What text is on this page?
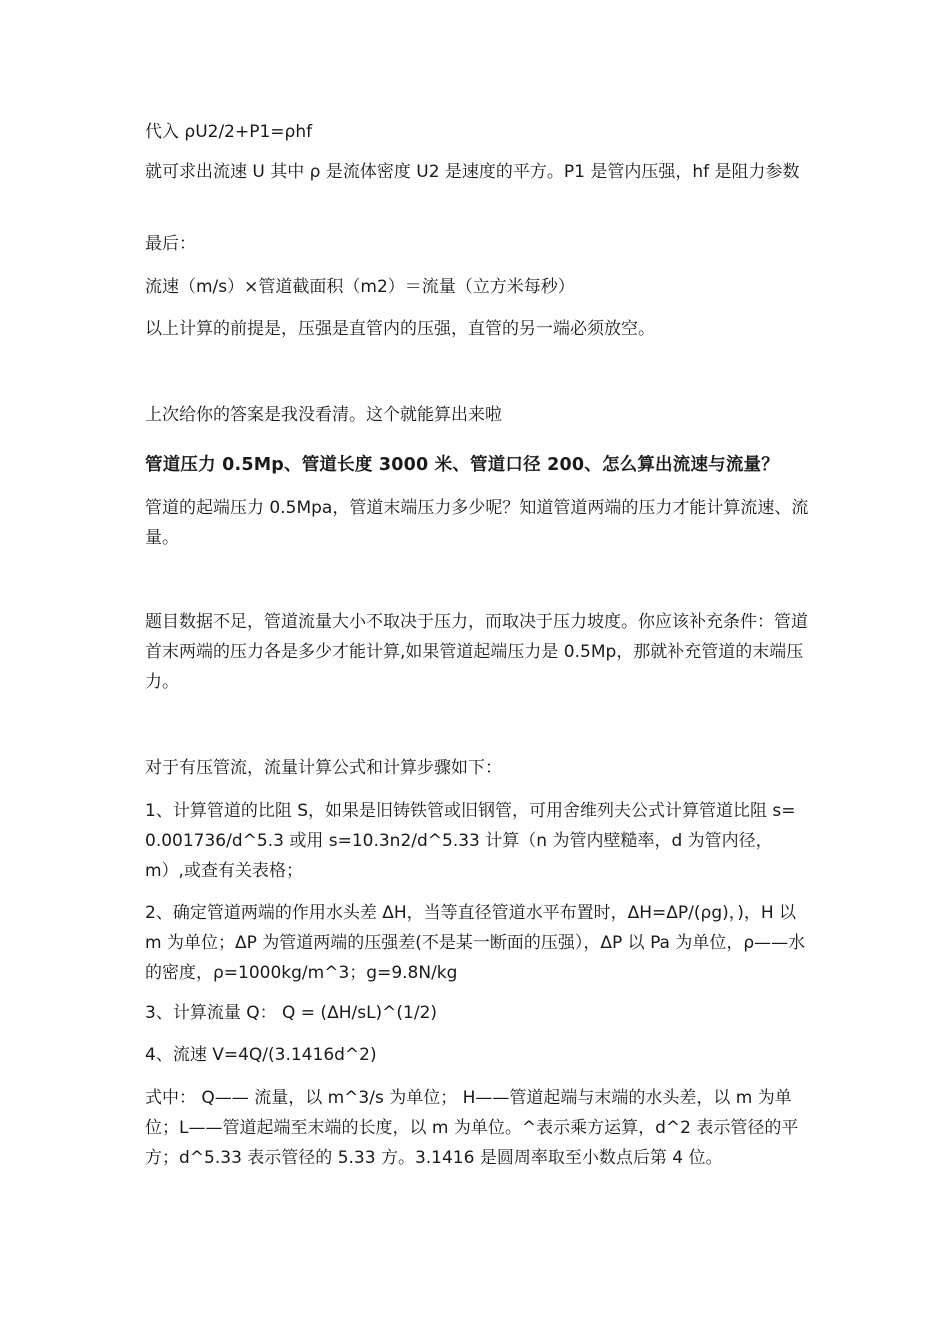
代入 ρU2/2+P1=ρhf

就可求出流速 U 其中 ρ 是流体密度 U2 是速度的平方。P1 是管内压强，hf 是阻力参数

最后：

流速（m/s）×管道截面积（m2）＝流量（立方米每秒）

以上计算的前提是，压强是直管内的压强，直管的另一端必须放空。

上次给你的答案是我没看清。这个就能算出来啦

管道压力 0.5Mp、管道长度 3000 米、管道口径 200、怎么算出流速与流量？

管道的起端压力 0.5Mpa，管道末端压力多少呢？知道管道两端的压力才能计算流速、流量。

题目数据不足，管道流量大小不取决于压力，而取决于压力坡度。你应该补充条件：管道首末两端的压力各是多少才能计算,如果管道起端压力是 0.5Mp，那就补充管道的末端压力。

对于有压管流，流量计算公式和计算步骤如下：

1、计算管道的比阻 S，如果是旧铸铁管或旧钢管，可用舍维列夫公式计算管道比阻 s=0.001736/d^5.3 或用 s=10.3n2/d^5.33 计算（n 为管内壁糙率，d 为管内径，m）,或查有关表格；

2、确定管道两端的作用水头差 ΔH，当等直径管道水平布置时，ΔH=ΔP/(ρg)，)，H 以 m 为单位；ΔP 为管道两端的压强差(不是某一断面的压强），ΔP 以 Pa 为单位，ρ——水的密度，ρ=1000kg/m^3；g=9.8N/kg

3、计算流量 Q： Q = (ΔH/sL)^(1/2)

4、流速 V=4Q/(3.1416d^2)

式中： Q—— 流量，以 m^3/s 为单位； H——管道起端与末端的水头差，以 m 为单位；L——管道起端至末端的长度，以 m 为单位。^表示乘方运算，d^2 表示管径的平方；d^5.33 表示管径的 5.33 方。3.1416 是圆周率取至小数点后第 4 位。
